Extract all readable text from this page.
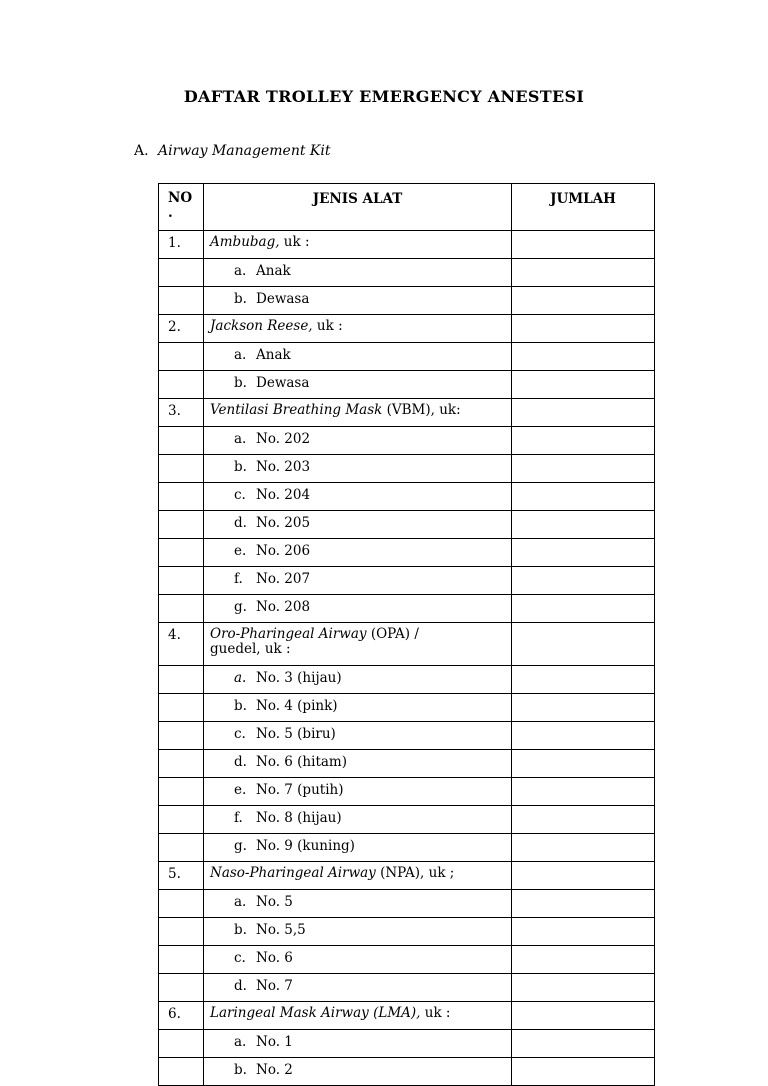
DAFTAR TROLLEY EMERGENCY ANESTESI
A. Airway Management Kit
NO
.	JENIS ALAT	JUMLAH
1.	Ambubag, uk :	
	a. Anak	
	b. Dewasa	
2.	Jackson Reese, uk :	
	a. Anak	
	b. Dewasa	
3.	Ventilasi Breathing Mask (VBM), uk:	
	a. No. 202	
	b. No. 203	
	c. No. 204	
	d. No. 205	
	e. No. 206	
	f. No. 207	
	g. No. 208	
4.	Oro-Pharingeal Airway (OPA) /
guedel, uk :	
	a. No. 3 (hijau)	
	b. No. 4 (pink)	
	c. No. 5 (biru)	
	d. No. 6 (hitam)	
	e. No. 7 (putih)	
	f. No. 8 (hijau)	
	g. No. 9 (kuning)	
5.	Naso-Pharingeal Airway (NPA), uk ;	
	a. No. 5	
	b. No. 5,5	
	c. No. 6	
	d. No. 7	
6.	Laringeal Mask Airway (LMA), uk :	
	a. No. 1	
	b. No. 2	
